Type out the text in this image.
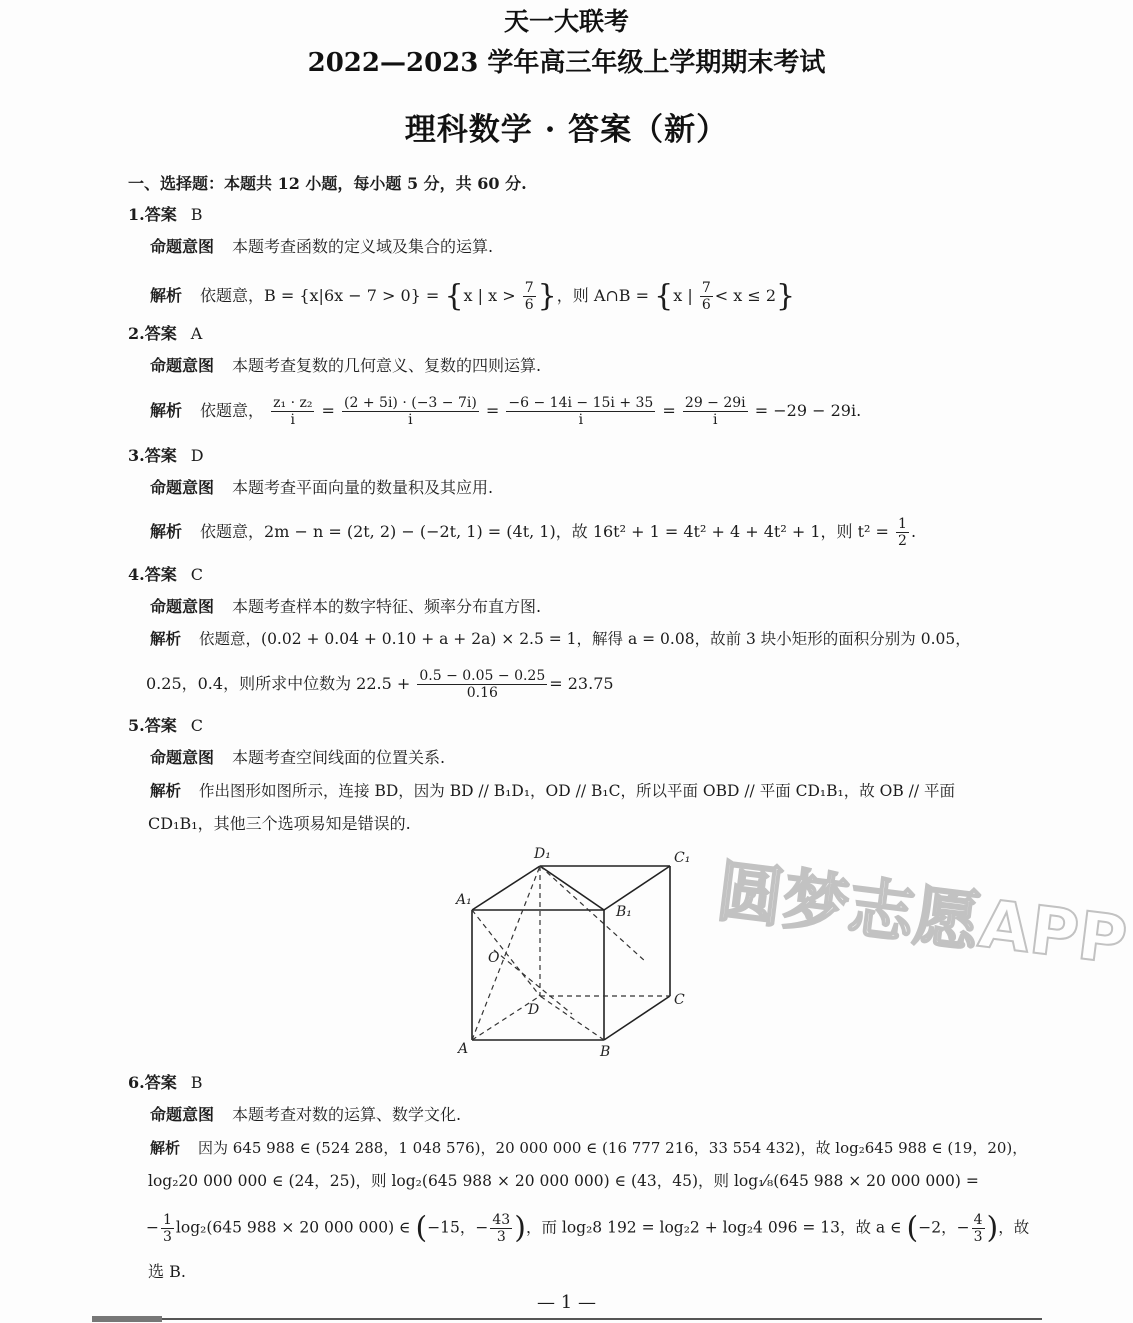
天一大联考
2022—2023 学年高三年级上学期期末考试
理科数学 · 答案（新）
一、选择题：本题共 12 小题，每小题 5 分，共 60 分.
1.答案 B
命题意图 本题考查函数的定义域及集合的运算.
解析 依题意，B = {x|6x − 7 > 0} = {x | $x > \frac{7}{6}$ }，则 A∩B = {x | $\frac{7}{6} < x \le 2$}
2.答案 A
命题意图 本题考查复数的几何意义、复数的四则运算.
解析 依题意， $\frac{\text{z₁ · z₂}}{i} = \frac{(2 + 5i) \cdot (-3 - 7i)}{i} = \frac{-6 - 14i - 15i + 35}{i} = \frac{29 - 29i}{i} = -29 - 29i$.
3.答案 D
命题意图 本题考查平面向量的数量积及其应用.
解析 依题意，2m − n = (2t, 2) − (−2t, 1) = (4t, 1)，故 16t² + 1 = 4t² + 4 + 4t² + 1，则 $t^2 = \frac{1}{2}$ .
4.答案 C
命题意图 本题考查样本的数字特征、频率分布直方图.
解析 依题意，(0.02 + 0.04 + 0.10 + a + 2a) × 2.5 = 1，解得 a = 0.08，故前 3 块小矩形的面积分别为 0.05，
0.25，0.4，则所求中位数为 $22.5 + \frac{0.5 - 0.05 - 0.25}{0.16} = 23.75$
5.答案 C
命题意图 本题考查空间线面的位置关系.
解析 作出图形如图所示，连接 BD，因为 BD // B₁D₁，OD // B₁C，所以平面 OBD // 平面 CD₁B₁，故 OB // 平面
CD₁B₁，其他三个选项易知是错误的.
D₁	C₁
A₁
B₁
O
D
C
A	B
圆梦志愿APP
6.答案 B
命题意图 本题考查对数的运算、数学文化.
解析 因为 645 988 ∈ (524 288，1 048 576)，20 000 000 ∈ (16 777 216，33 554 432)，故 log₂645 988 ∈ (19，20)，
log₂20 000 000 ∈ (24，25)，则 log₂(645 988 × 20 000 000) ∈ (43，45)，则 log₁⁄₈(645 988 × 20 000 000) =
− $\frac{1}{3} \log_2(645$ 988 × 20 000 000) ∈ (−15，− $\frac{43}{3}$ )，而 log₂8 192 = log₂2 + log₂4 096 = 13，故 a ∈ (−2，− $\frac{4}{3}$ )，故
选 B.
— 1 —
